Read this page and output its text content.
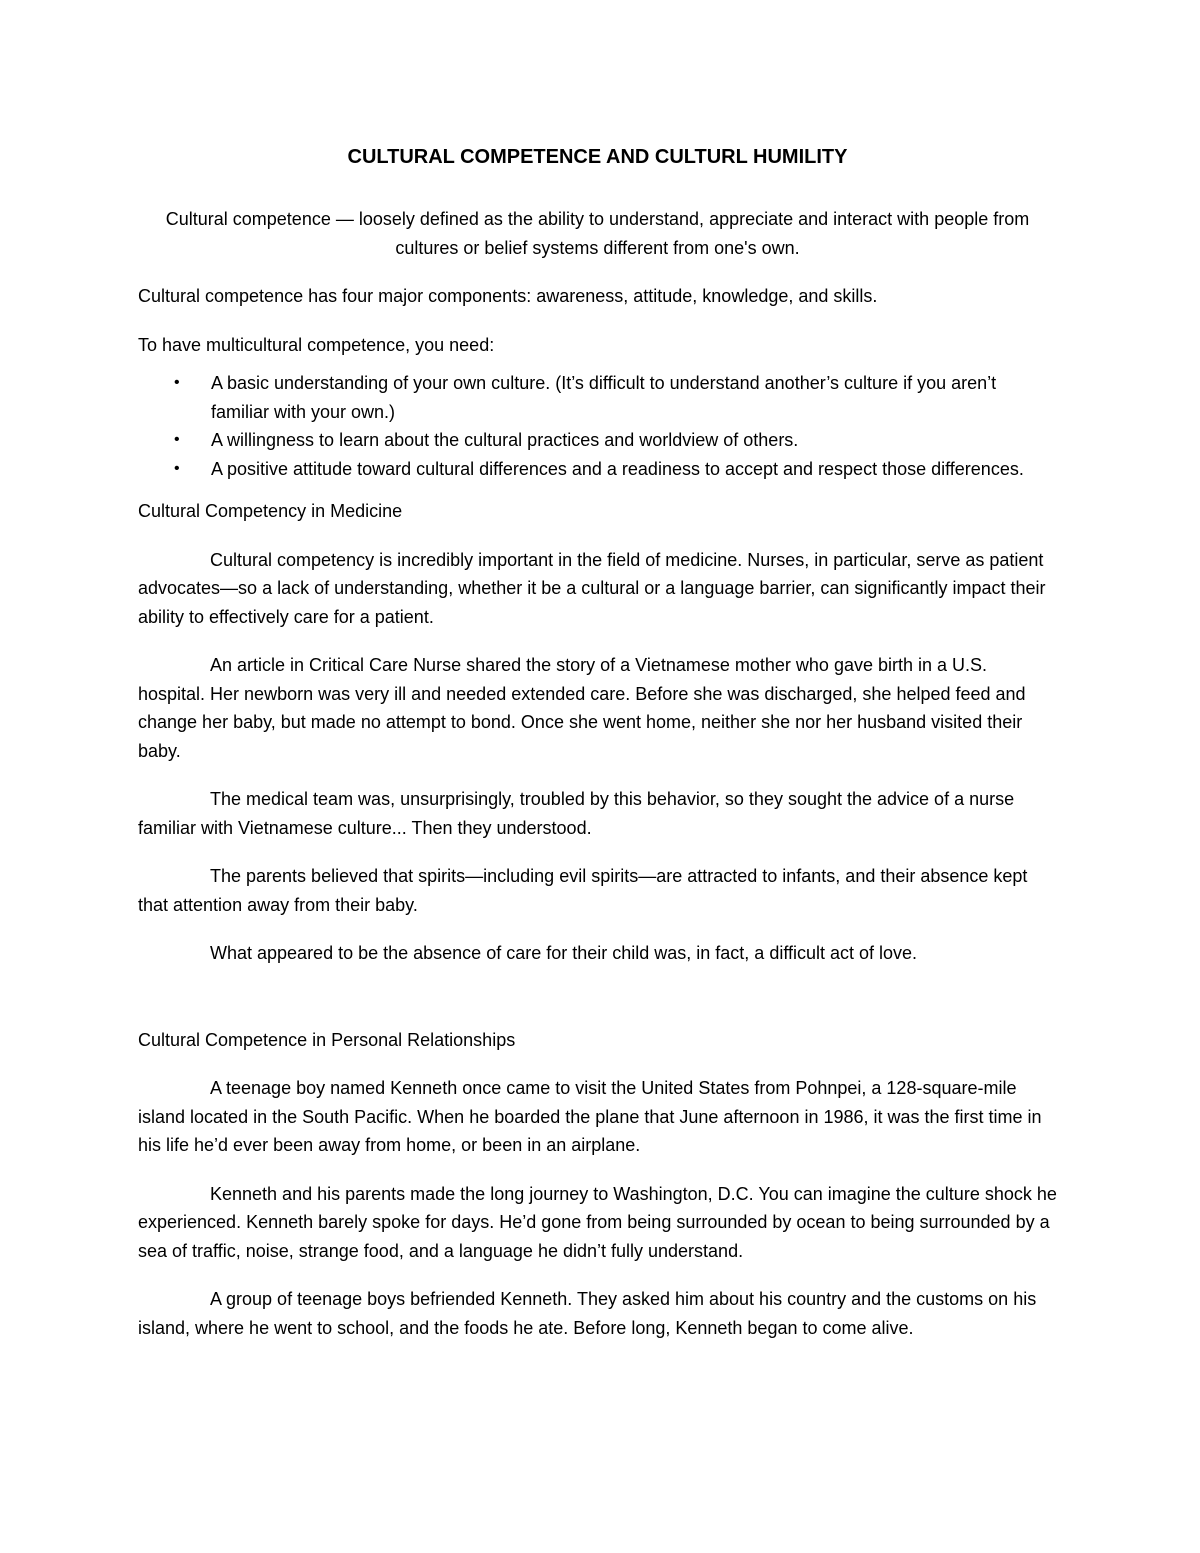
CULTURAL COMPETENCE AND CULTURL HUMILITY

Cultural competence — loosely defined as the ability to understand, appreciate and interact with people from cultures or belief systems different from one's own.

Cultural competence has four major components: awareness, attitude, knowledge, and skills.

To have multicultural competence, you need:

• A basic understanding of your own culture. (It’s difficult to understand another’s culture if you aren’t familiar with your own.)
• A willingness to learn about the cultural practices and worldview of others.
• A positive attitude toward cultural differences and a readiness to accept and respect those differences.

Cultural Competency in Medicine

Cultural competency is incredibly important in the field of medicine. Nurses, in particular, serve as patient advocates—so a lack of understanding, whether it be a cultural or a language barrier, can significantly impact their ability to effectively care for a patient.

An article in Critical Care Nurse shared the story of a Vietnamese mother who gave birth in a U.S. hospital. Her newborn was very ill and needed extended care. Before she was discharged, she helped feed and change her baby, but made no attempt to bond. Once she went home, neither she nor her husband visited their baby.

The medical team was, unsurprisingly, troubled by this behavior, so they sought the advice of a nurse familiar with Vietnamese culture... Then they understood.

The parents believed that spirits—including evil spirits—are attracted to infants, and their absence kept that attention away from their baby.

What appeared to be the absence of care for their child was, in fact, a difficult act of love.

Cultural Competence in Personal Relationships

A teenage boy named Kenneth once came to visit the United States from Pohnpei, a 128-square-mile island located in the South Pacific. When he boarded the plane that June afternoon in 1986, it was the first time in his life he’d ever been away from home, or been in an airplane.

Kenneth and his parents made the long journey to Washington, D.C. You can imagine the culture shock he experienced. Kenneth barely spoke for days. He’d gone from being surrounded by ocean to being surrounded by a sea of traffic, noise, strange food, and a language he didn’t fully understand.

A group of teenage boys befriended Kenneth. They asked him about his country and the customs on his island, where he went to school, and the foods he ate. Before long, Kenneth began to come alive.
